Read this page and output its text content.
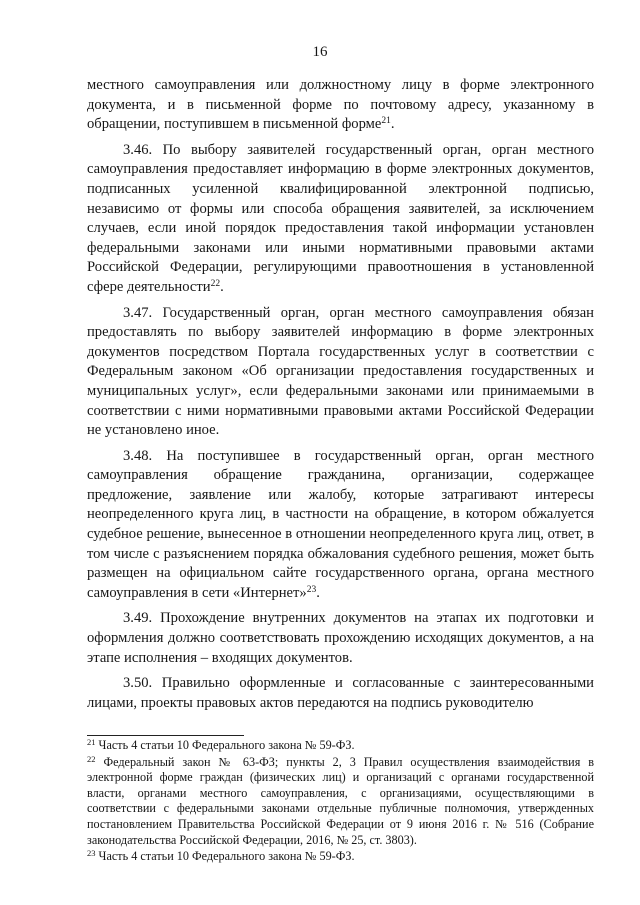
16

местного самоуправления или должностному лицу в форме электронного документа, и в письменной форме по почтовому адресу, указанному в обращении, поступившем в письменной форме$^{21}$.

3.46. По выбору заявителей государственный орган, орган местного самоуправления предоставляет информацию в форме электронных документов, подписанных усиленной квалифицированной электронной подписью, независимо от формы или способа обращения заявителей, за исключением случаев, если иной порядок предоставления такой информации установлен федеральными законами или иными нормативными правовыми актами Российской Федерации, регулирующими правоотношения в установленной сфере деятельности$^{22}$.

3.47. Государственный орган, орган местного самоуправления обязан предоставлять по выбору заявителей информацию в форме электронных документов посредством Портала государственных услуг в соответствии с Федеральным законом «Об организации предоставления государственных и муниципальных услуг», если федеральными законами или принимаемыми в соответствии с ними нормативными правовыми актами Российской Федерации не установлено иное.

3.48. На поступившее в государственный орган, орган местного самоуправления обращение гражданина, организации, содержащее предложение, заявление или жалобу, которые затрагивают интересы неопределенного круга лиц, в частности на обращение, в котором обжалуется судебное решение, вынесенное в отношении неопределенного круга лиц, ответ, в том числе с разъяснением порядка обжалования судебного решения, может быть размещен на официальном сайте государственного органа, органа местного самоуправления в сети «Интернет»$^{23}$.

3.49. Прохождение внутренних документов на этапах их подготовки и оформления должно соответствовать прохождению исходящих документов, а на этапе исполнения – входящих документов.

3.50. Правильно оформленные и согласованные с заинтересованными лицами, проекты правовых актов передаются на подпись руководителю

$^{21}$ Часть 4 статьи 10 Федерального закона № 59-ФЗ.

$^{22}$ Федеральный закон № 63-ФЗ; пункты 2, 3 Правил осуществления взаимодействия в электронной форме граждан (физических лиц) и организаций с органами государственной власти, органами местного самоуправления, с организациями, осуществляющими в соответствии с федеральными законами отдельные публичные полномочия, утвержденных постановлением Правительства Российской Федерации от 9 июня 2016 г. № 516 (Собрание законодательства Российской Федерации, 2016, № 25, ст. 3803).

$^{23}$ Часть 4 статьи 10 Федерального закона № 59-ФЗ.
